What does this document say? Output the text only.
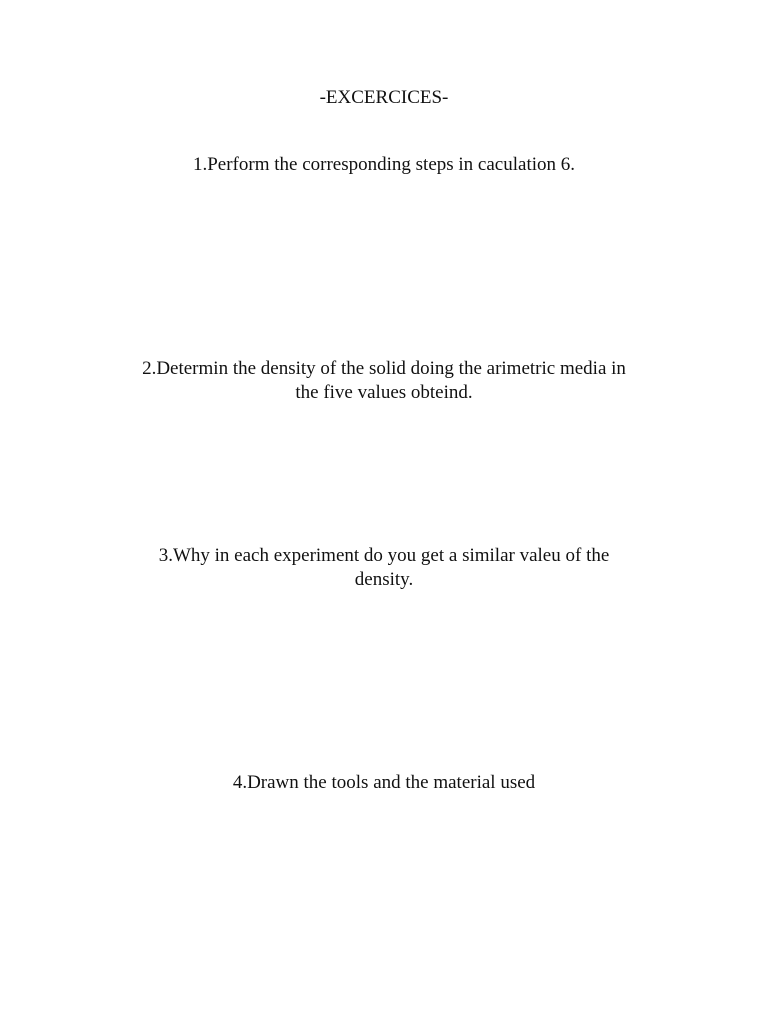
-EXCERCICES-
1.Perform the corresponding steps in caculation 6.
2.Determin the density of the solid doing the arimetric media in
the five values obteind.
3.Why in each experiment do you get a similar valeu of the
density.
4.Drawn the tools and the material used
